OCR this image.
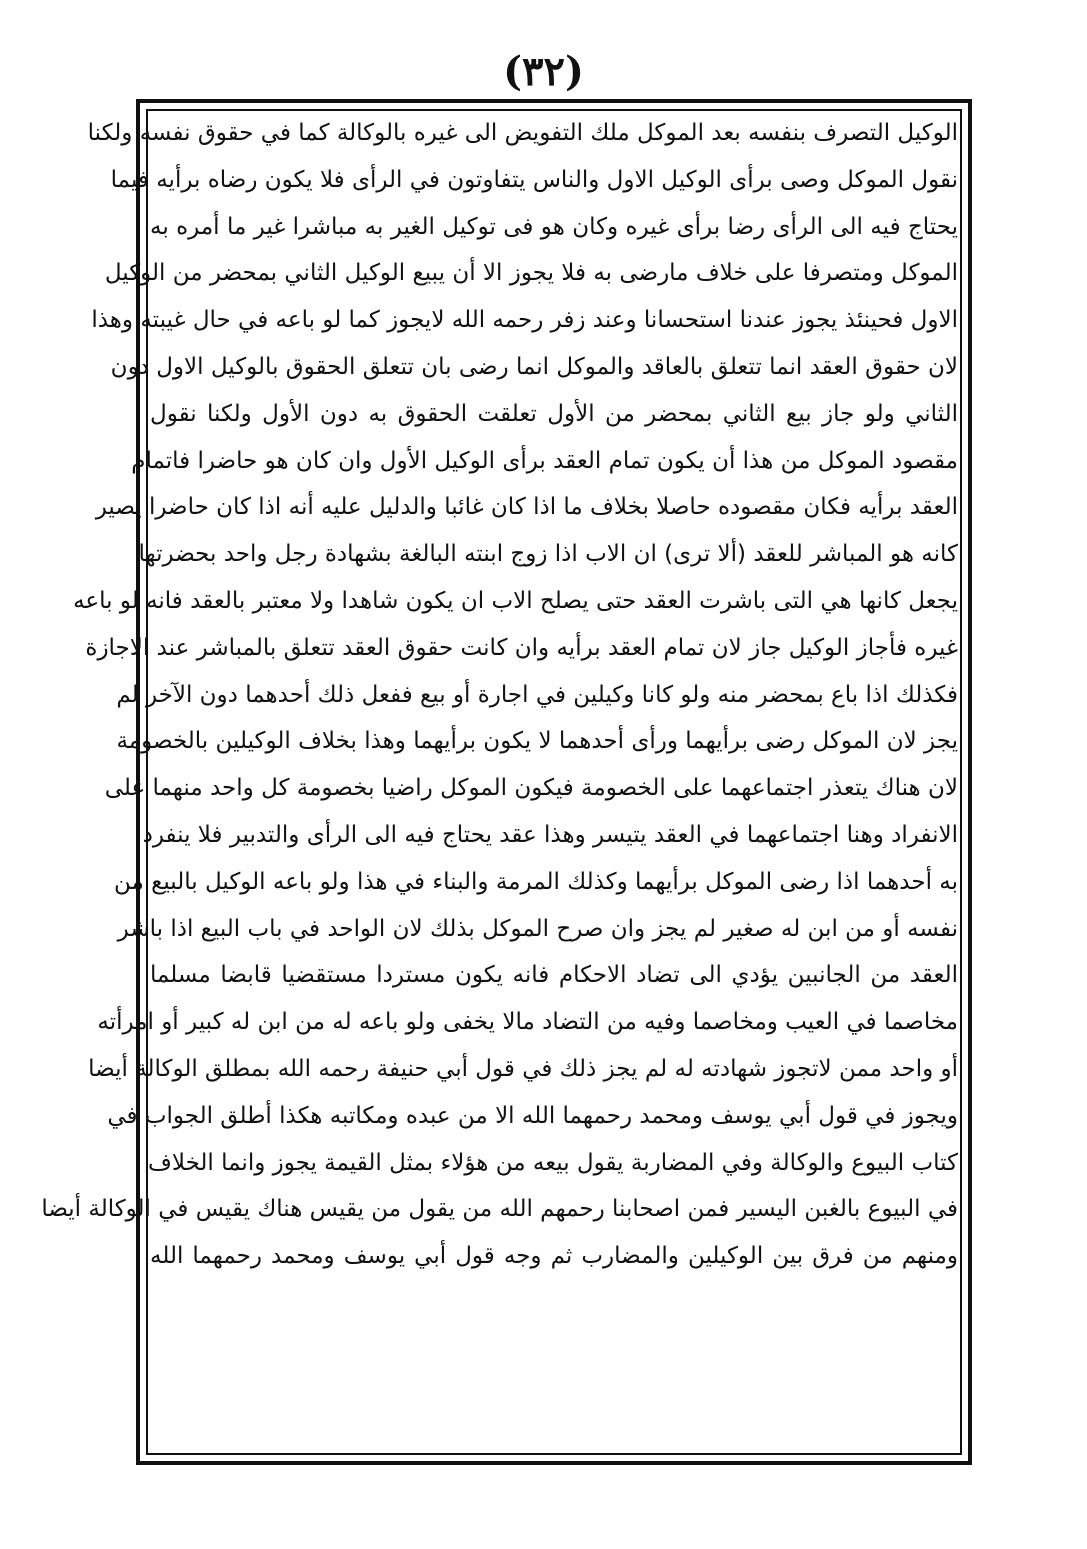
(٣٢)
الوكيل التصرف بنفسه بعد الموكل ملك التفويض الى غيره بالوكالة كما في حقوق نفسه ولكنا
نقول الموكل وصى برأى الوكيل الاول والناس يتفاوتون في الرأى فلا يكون رضاه برأيه فيما
يحتاج فيه الى الرأى رضا برأى غيره وكان هو فى توكيل الغير به مباشرا غير ما أمره به
الموكل ومتصرفا على خلاف مارضى به فلا يجوز الا أن يبيع الوكيل الثاني بمحضر من الوكيل
الاول فحينئذ يجوز عندنا استحسانا وعند زفر رحمه الله لايجوز كما لو باعه في حال غيبته وهذا
لان حقوق العقد انما تتعلق بالعاقد والموكل انما رضى بان تتعلق الحقوق بالوكيل الاول دون
الثاني ولو جاز بيع الثاني بمحضر من الأول تعلقت الحقوق به دون الأول ولكنا نقول
مقصود الموكل من هذا أن يكون تمام العقد برأى الوكيل الأول وان كان هو حاضرا فاتمام
العقد برأيه فكان مقصوده حاصلا بخلاف ما اذا كان غائبا والدليل عليه أنه اذا كان حاضرا يصير
كانه هو المباشر للعقد (ألا ترى) ان الاب اذا زوج ابنته البالغة بشهادة رجل واحد بحضرتها
يجعل كانها هي التى باشرت العقد حتى يصلح الاب ان يكون شاهدا ولا معتبر بالعقد فانه لو باعه
غيره فأجاز الوكيل جاز لان تمام العقد برأيه وان كانت حقوق العقد تتعلق بالمباشر عند الاجازة
فكذلك اذا باع بمحضر منه ولو كانا وكيلين في اجارة أو بيع ففعل ذلك أحدهما دون الآخر لم
يجز لان الموكل رضى برأيهما ورأى أحدهما لا يكون برأيهما وهذا بخلاف الوكيلين بالخصومة
لان هناك يتعذر اجتماعهما على الخصومة فيكون الموكل راضيا بخصومة كل واحد منهما على
الانفراد وهنا اجتماعهما في العقد يتيسر وهذا عقد يحتاج فيه الى الرأى والتدبير فلا ينفرد
به أحدهما اذا رضى الموكل برأيهما وكذلك المرمة والبناء في هذا ولو باعه الوكيل بالبيع من
نفسه أو من ابن له صغير لم يجز وان صرح الموكل بذلك لان الواحد في باب البيع اذا باشر
العقد من الجانبين يؤدي الى تضاد الاحكام فانه يكون مستردا مستقضيا قابضا مسلما
مخاصما في العيب ومخاصما وفيه من التضاد مالا يخفى ولو باعه له من ابن له كبير أو امرأته
أو واحد ممن لاتجوز شهادته له لم يجز ذلك في قول أبي حنيفة رحمه الله بمطلق الوكالة أيضا
ويجوز في قول أبي يوسف ومحمد رحمهما الله الا من عبده ومكاتبه هكذا أطلق الجواب في
كتاب البيوع والوكالة وفي المضاربة يقول بيعه من هؤلاء بمثل القيمة يجوز وانما الخلاف
في البيوع بالغبن اليسير فمن اصحابنا رحمهم الله من يقول من يقيس هناك يقيس في الوكالة أيضا
ومنهم من فرق بين الوكيلين والمضارب ثم وجه قول أبي يوسف ومحمد رحمهما الله
